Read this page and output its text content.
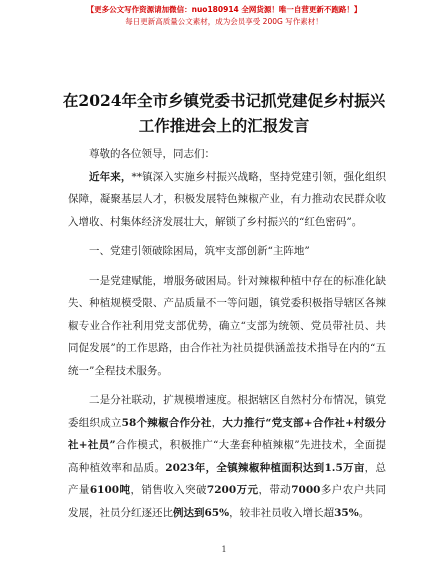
【更多公文写作资源请加微信：nuo180914 全网货源！唯一自营更新不跑路！】
每日更新高质量公文素材，成为会员享受 200G 写作素材！
在2024年全市乡镇党委书记抓党建促乡村振兴
工作推进会上的汇报发言

尊敬的各位领导，同志们：

近年来，**镇深入实施乡村振兴战略，坚持党建引领，强化组织保障，凝聚基层人才，积极发展特色辣椒产业，有力推动农民群众收入增收、村集体经济发展壮大，解锁了乡村振兴的“红色密码”。

一、党建引领破除困局，筑牢支部创新“主阵地”

一是党建赋能，增服务破困局。针对辣椒种植中存在的标准化缺失、种植规模受限、产品质量不一等问题，镇党委积极指导辖区各辣椒专业合作社利用党支部优势，确立“支部为统领、党员带社员、共同促发展”的工作思路，由合作社为社员提供涵盖技术指导在内的“五统一”全程技术服务。

二是分社联动，扩规模增速度。根据辖区自然村分布情况，镇党委组织成立58个辣椒合作分社，大力推行“党支部+合作社+村级分社+社员”合作模式，积极推广“大垄套种植辣椒”先进技术，全面提高种植效率和品质。2023年，全镇辣椒种植面积达到1.5万亩，总产量6100吨，销售收入突破7200万元，带动7000多户农户共同发展，社员分红逐还比例达到65%，较非社员收入增长超35%。

1
